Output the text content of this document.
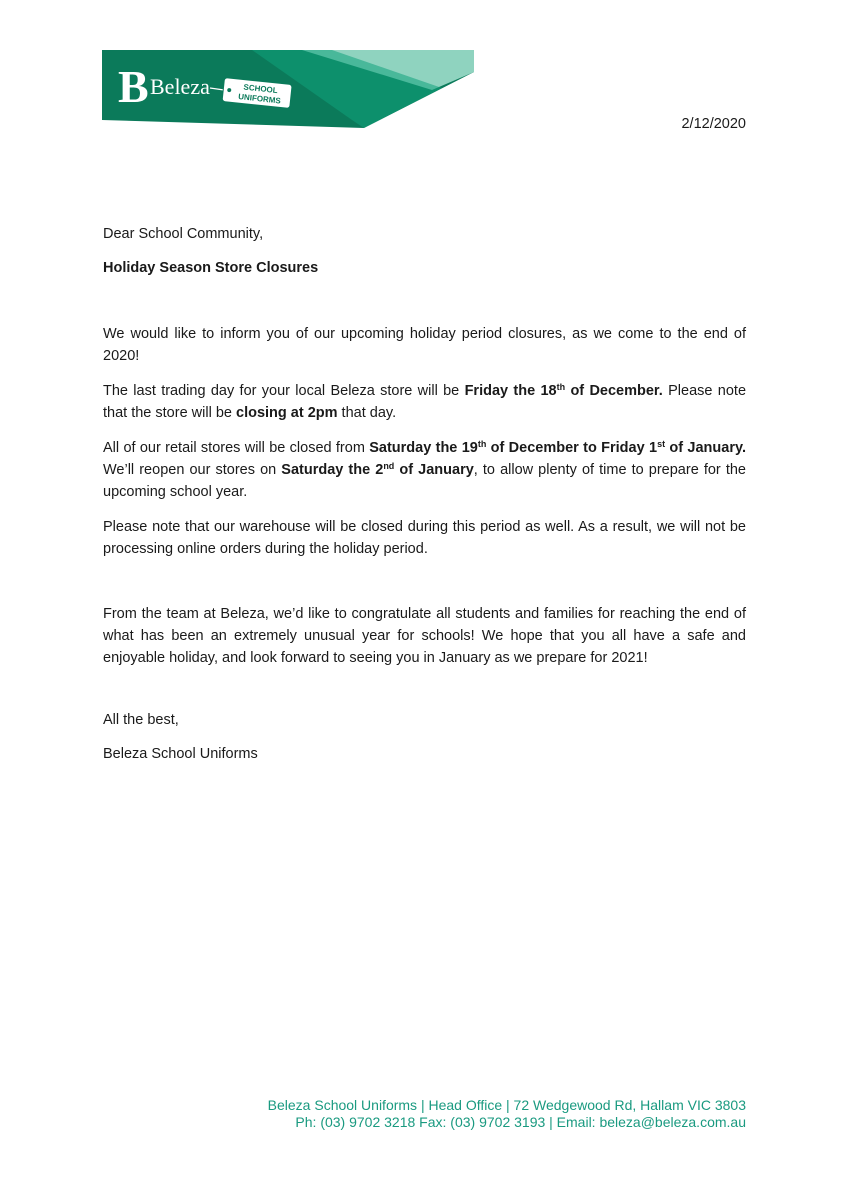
B Beleza	SCHOOL
UNIFORMS
2/12/2020

Dear School Community,

Holiday Season Store Closures

We would like to inform you of our upcoming holiday period closures, as we come to the end of 2020!

The last trading day for your local Beleza store will be Friday the 18th of December. Please note that the store will be closing at 2pm that day.

All of our retail stores will be closed from Saturday the 19th of December to Friday 1st of January. We’ll reopen our stores on Saturday the 2nd of January, to allow plenty of time to prepare for the upcoming school year.

Please note that our warehouse will be closed during this period as well. As a result, we will not be processing online orders during the holiday period.

From the team at Beleza, we’d like to congratulate all students and families for reaching the end of what has been an extremely unusual year for schools! We hope that you all have a safe and enjoyable holiday, and look forward to seeing you in January as we prepare for 2021!

All the best,

Beleza School Uniforms

Beleza School Uniforms | Head Office | 72 Wedgewood Rd, Hallam VIC 3803
Ph: (03) 9702 3218 Fax: (03) 9702 3193 | Email: beleza@beleza.com.au
